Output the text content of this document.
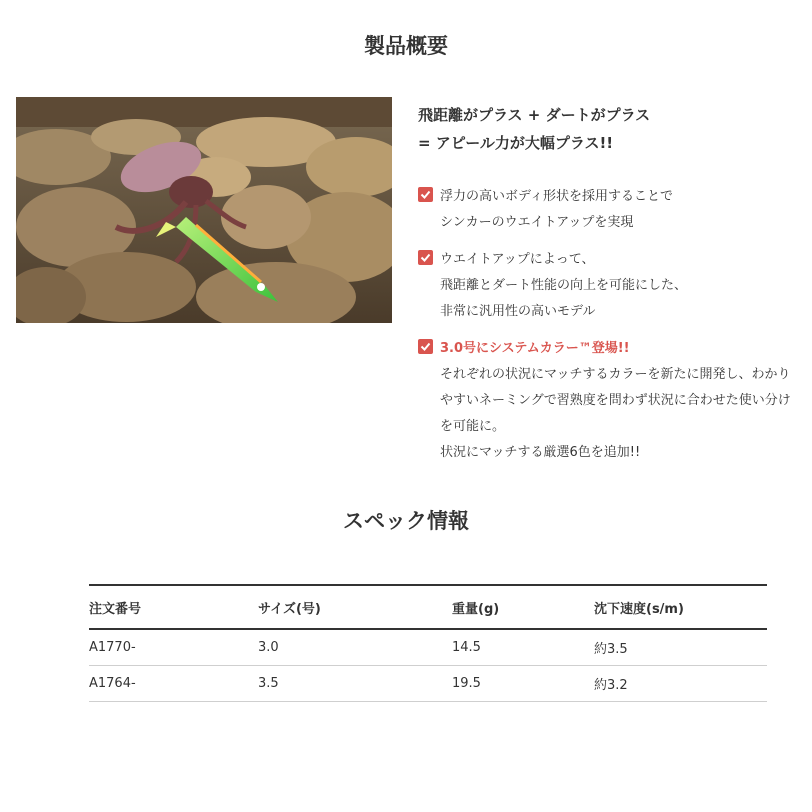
製品概要
飛距離がプラス + ダートがプラス
= アピール力が大幅プラス!!
浮力の高いボディ形状を採用することで
シンカーのウエイトアップを実現
ウエイトアップによって、
飛距離とダート性能の向上を可能にした、
非常に汎用性の高いモデル
3.0号にシステムカラー™登場!!
それぞれの状況にマッチするカラーを新たに開発し、わかりやすいネーミングで習熟度を問わず状況に合わせた使い分けを可能に。
状況にマッチする厳選6色を追加!!
スペック情報
注文番号	サイズ(号)	重量(g)	沈下速度(s/m)
A1770-	3.0	14.5	約3.5
A1764-	3.5	19.5	約3.2
